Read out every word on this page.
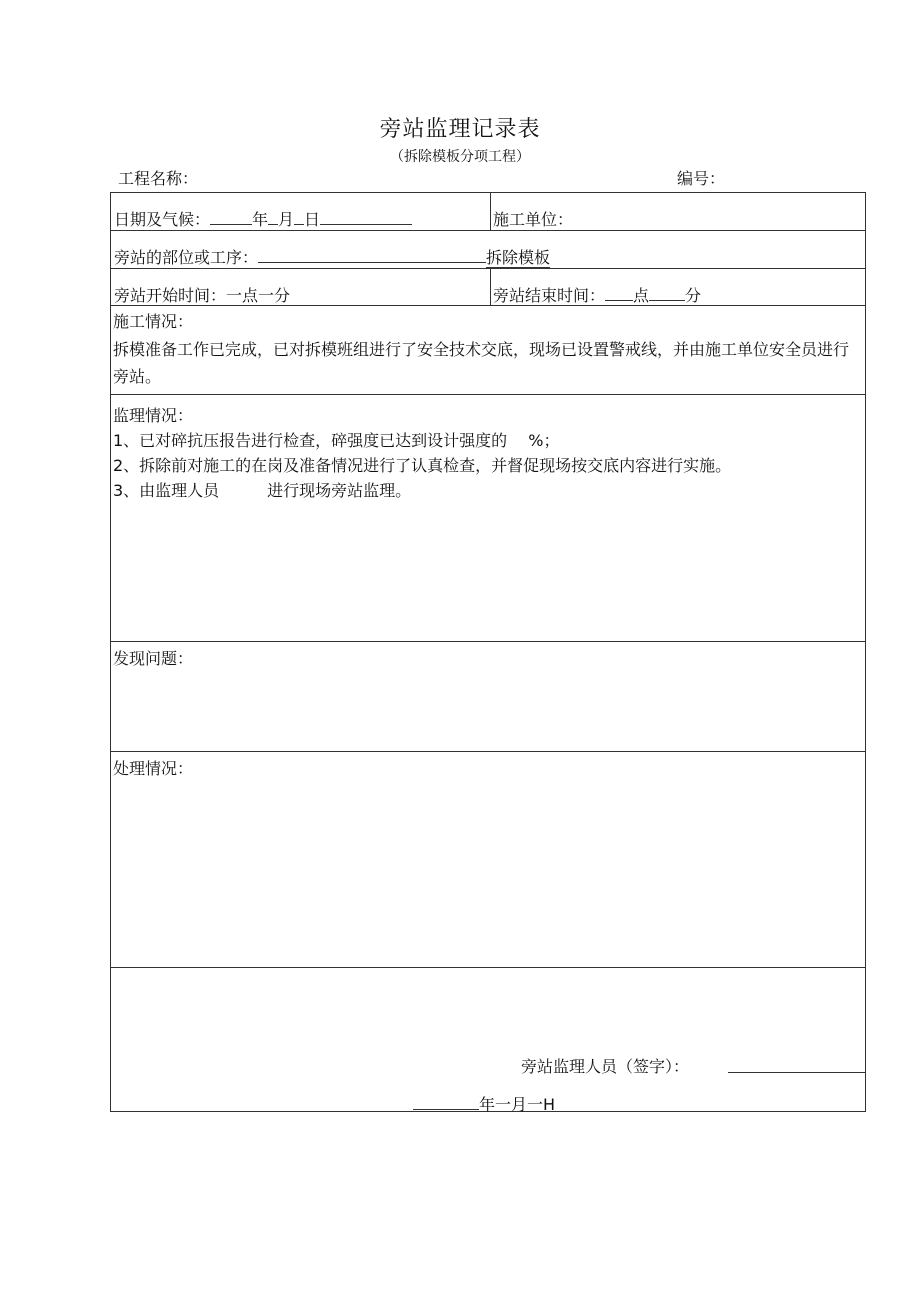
旁站监理记录表
（拆除模板分项工程）
工程名称：	编号：
日期及气候：	年 月 日	施工单位：
旁站的部位或工序：	拆除模板
旁站开始时间：一点一分	旁站结束时间： 点 分
施工情况：
拆模准备工作已完成，已对拆模班组进行了安全技术交底，现场已设置警戒线，并由施工单位安全员进行旁站。
监理情况：
1、已对碎抗压报告进行检查，碎强度已达到设计强度的　 %；
2、拆除前对施工的在岗及准备情况进行了认真检查，并督促现场按交底内容进行实施。
3、由监理人员　　　进行现场旁站监理。
发现问题：
处理情况：
旁站监理人员（签字）：
年一月一H
